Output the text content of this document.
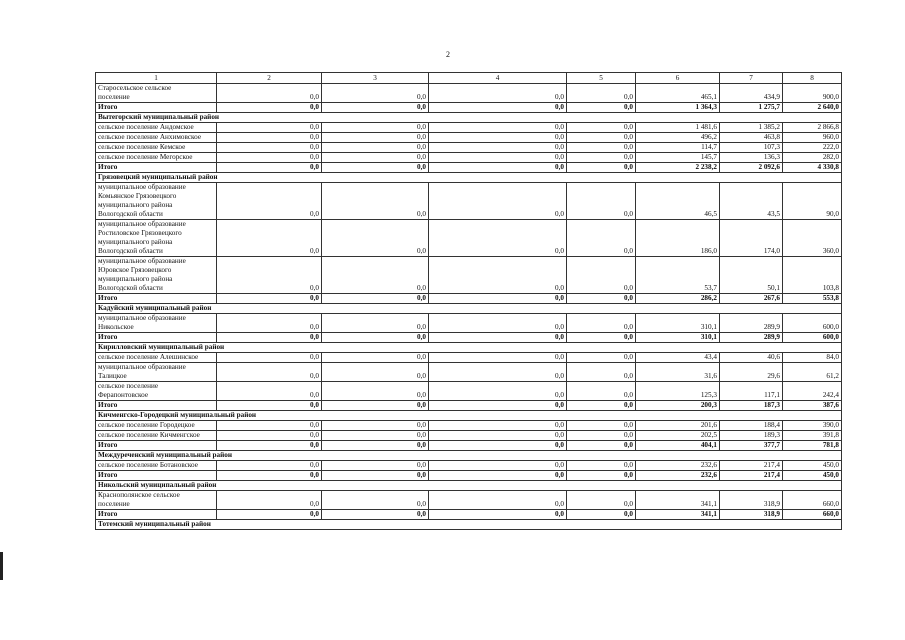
2
1	2	3	4	5	6	7	8
Старосельское сельское
поселение	0,0	0,0	0,0	0,0	465,1	434,9	900,0
Итого	0,0	0,0	0,0	0,0	1 364,3	1 275,7	2 640,0
Вытегорский муниципальный район							
сельское поселение Андомское	0,0	0,0	0,0	0,0	1 481,6	1 385,2	2 866,8
сельское поселение Анхимовское	0,0	0,0	0,0	0,0	496,2	463,8	960,0
сельское поселение Кемское	0,0	0,0	0,0	0,0	114,7	107,3	222,0
сельское поселение Мегорское	0,0	0,0	0,0	0,0	145,7	136,3	282,0
Итого	0,0	0,0	0,0	0,0	2 238,2	2 092,6	4 330,8
Грязовецкий муниципальный район							
муниципальное образование
Комьянское Грязовецкого
муниципального района
Вологодской области	0,0	0,0	0,0	0,0	46,5	43,5	90,0
муниципальное образование
Ростиловское Грязовецкого
муниципального района
Вологодской области	0,0	0,0	0,0	0,0	186,0	174,0	360,0
муниципальное образование
Юровское Грязовецкого
муниципального района
Вологодской области	0,0	0,0	0,0	0,0	53,7	50,1	103,8
Итого	0,0	0,0	0,0	0,0	286,2	267,6	553,8
Кадуйский муниципальный район							
муниципальное образование
Никольское	0,0	0,0	0,0	0,0	310,1	289,9	600,0
Итого	0,0	0,0	0,0	0,0	310,1	289,9	600,0
Кирилловский муниципальный район							
сельское поселение Алешинское	0,0	0,0	0,0	0,0	43,4	40,6	84,0
муниципальное образование
Талицкое	0,0	0,0	0,0	0,0	31,6	29,6	61,2
сельское поселение
Ферапонтовское	0,0	0,0	0,0	0,0	125,3	117,1	242,4
Итого	0,0	0,0	0,0	0,0	200,3	187,3	387,6
Кичменгско-Городецкий муниципальный район							
сельское поселение Городецкое	0,0	0,0	0,0	0,0	201,6	188,4	390,0
сельское поселение Кичменгское	0,0	0,0	0,0	0,0	202,5	189,3	391,8
Итого	0,0	0,0	0,0	0,0	404,1	377,7	781,8
Междуреченский муниципальный район							
сельское поселение Ботановское	0,0	0,0	0,0	0,0	232,6	217,4	450,0
Итого	0,0	0,0	0,0	0,0	232,6	217,4	450,0
Никольский муниципальный район							
Краснополянское сельское
поселение	0,0	0,0	0,0	0,0	341,1	318,9	660,0
Итого	0,0	0,0	0,0	0,0	341,1	318,9	660,0
Тотемский муниципальный район							
